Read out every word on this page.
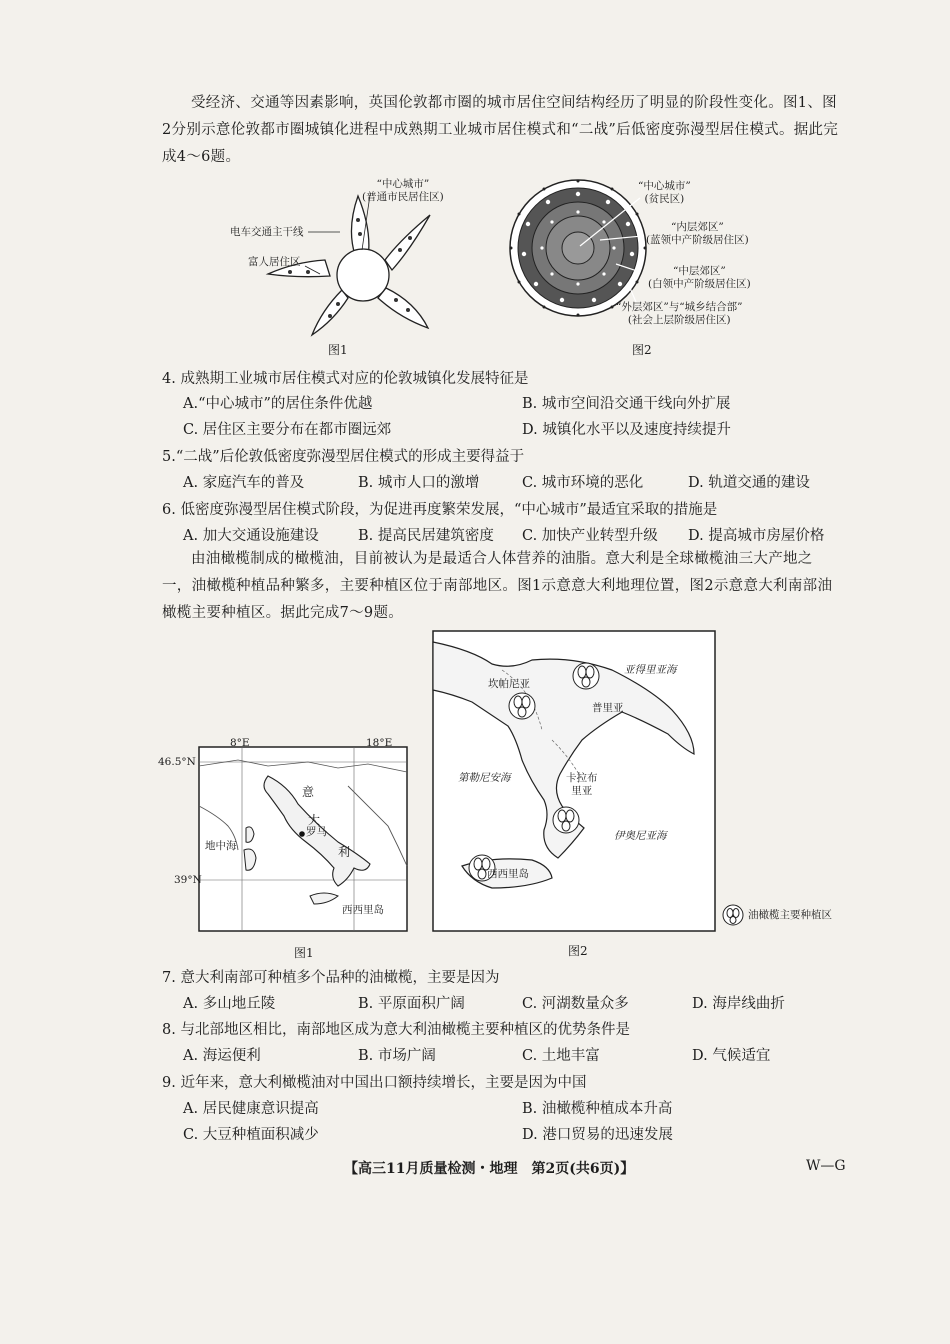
受经济、交通等因素影响，英国伦敦都市圈的城市居住空间结构经历了明显的阶段性变化。图1、图2分别示意伦敦都市圈城镇化进程中成熟期工业城市居住模式和“二战”后低密度弥漫型居住模式。据此完成4～6题。
“中心城市”
(普通市民居住区)
电车交通主干线
富人居住区
图1
“中心城市”
(贫民区)
“内层郊区”
(蓝领中产阶级居住区)
“中层郊区”
(白领中产阶级居住区)
“外层郊区”与“城乡结合部”
(社会上层阶级居住区)
图2
4. 成熟期工业城市居住模式对应的伦敦城镇化发展特征是
A.“中心城市”的居住条件优越	B. 城市空间沿交通干线向外扩展
C. 居住区主要分布在都市圈远郊	D. 城镇化水平以及速度持续提升
5.“二战”后伦敦低密度弥漫型居住模式的形成主要得益于
A. 家庭汽车的普及	B. 城市人口的激增	C. 城市环境的恶化	D. 轨道交通的建设
6. 低密度弥漫型居住模式阶段，为促进再度繁荣发展，“中心城市”最适宜采取的措施是
A. 加大交通设施建设	B. 提高民居建筑密度 C. 加快产业转型升级 D. 提高城市房屋价格
由油橄榄制成的橄榄油，目前被认为是最适合人体营养的油脂。意大利是全球橄榄油三大产地之一，油橄榄种植品种繁多，主要种植区位于南部地区。图1示意意大利地理位置，图2示意意大利南部油橄榄主要种植区。据此完成7～9题。
8°E	18°E
46.5°N
39°N
意
大
利
罗马
地中海
西西里岛
图1
亚得里亚海
坎帕尼亚
普里亚
第勒尼安海	卡拉布
里亚
伊奥尼亚海
西西里岛
油橄榄主要种植区
图2
7. 意大利南部可种植多个品种的油橄榄，主要是因为
A. 多山地丘陵	B. 平原面积广阔	C. 河湖数量众多	D. 海岸线曲折
8. 与北部地区相比，南部地区成为意大利油橄榄主要种植区的优势条件是
A. 海运便利	B. 市场广阔	C. 土地丰富	D. 气候适宜
9. 近年来，意大利橄榄油对中国出口额持续增长，主要是因为中国
A. 居民健康意识提高	B. 油橄榄种植成本升高
C. 大豆种植面积减少	D. 港口贸易的迅速发展
【高三11月质量检测・地理　第2页(共6页)】	W—G
